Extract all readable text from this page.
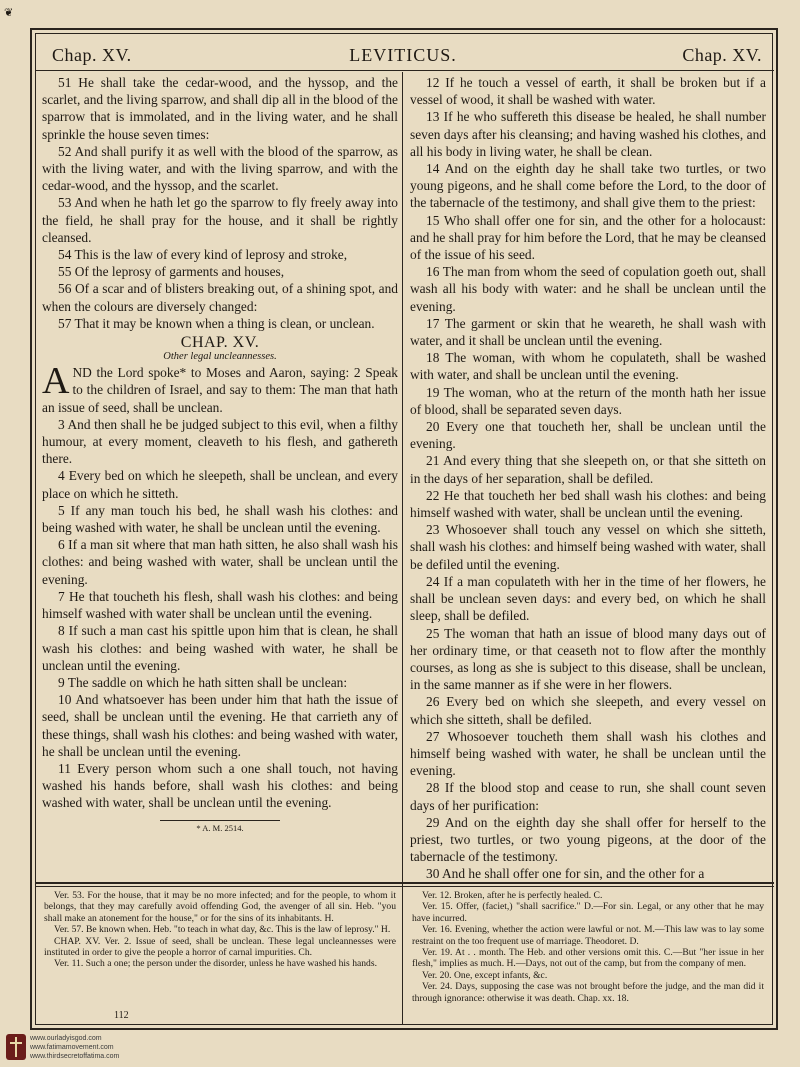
❦
Chap. XV.	LEVITICUS.	Chap. XV.

51 He shall take the cedar-wood, and the hyssop, and the scarlet, and the living sparrow, and shall dip all in the blood of the sparrow that is immolated, and in the living water, and he shall sprinkle the house seven times:

52 And shall purify it as well with the blood of the sparrow, as with the living water, and with the living sparrow, and with the cedar-wood, and the hyssop, and the scarlet.

53 And when he hath let go the sparrow to fly freely away into the field, he shall pray for the house, and it shall be rightly cleansed.

54 This is the law of every kind of leprosy and stroke,

55 Of the leprosy of garments and houses,

56 Of a scar and of blisters breaking out, of a shining spot, and when the colours are diversely changed:

57 That it may be known when a thing is clean, or unclean.

CHAP. XV.
Other legal uncleannesses.

AND the Lord spoke* to Moses and Aaron, saying: 2 Speak to the children of Israel, and say to them: The man that hath an issue of seed, shall be unclean.

3 And then shall he be judged subject to this evil, when a filthy humour, at every moment, cleaveth to his flesh, and gathereth there.

4 Every bed on which he sleepeth, shall be unclean, and every place on which he sitteth.

5 If any man touch his bed, he shall wash his clothes: and being washed with water, he shall be unclean until the evening.

6 If a man sit where that man hath sitten, he also shall wash his clothes: and being washed with water, shall be unclean until the evening.

7 He that toucheth his flesh, shall wash his clothes: and being himself washed with water shall be unclean until the evening.

8 If such a man cast his spittle upon him that is clean, he shall wash his clothes: and being washed with water, he shall be unclean until the evening.

9 The saddle on which he hath sitten shall be unclean:

10 And whatsoever has been under him that hath the issue of seed, shall be unclean until the evening. He that carrieth any of these things, shall wash his clothes: and being washed with water, he shall be unclean until the evening.

11 Every person whom such a one shall touch, not having washed his hands before, shall wash his clothes: and being washed with water, shall be unclean until the evening.

* A. M. 2514.

12 If he touch a vessel of earth, it shall be broken but if a vessel of wood, it shall be washed with water.

13 If he who suffereth this disease be healed, he shall number seven days after his cleansing; and having washed his clothes, and all his body in living water, he shall be clean.

14 And on the eighth day he shall take two turtles, or two young pigeons, and he shall come before the Lord, to the door of the tabernacle of the testimony, and shall give them to the priest:

15 Who shall offer one for sin, and the other for a holocaust: and he shall pray for him before the Lord, that he may be cleansed of the issue of his seed.

16 The man from whom the seed of copulation goeth out, shall wash all his body with water: and he shall be unclean until the evening.

17 The garment or skin that he weareth, he shall wash with water, and it shall be unclean until the evening.

18 The woman, with whom he copulateth, shall be washed with water, and shall be unclean until the evening.

19 The woman, who at the return of the month hath her issue of blood, shall be separated seven days.

20 Every one that toucheth her, shall be unclean until the evening.

21 And every thing that she sleepeth on, or that she sitteth on in the days of her separation, shall be defiled.

22 He that toucheth her bed shall wash his clothes: and being himself washed with water, shall be unclean until the evening.

23 Whosoever shall touch any vessel on which she sitteth, shall wash his clothes: and himself being washed with water, shall be defiled until the evening.

24 If a man copulateth with her in the time of her flowers, he shall be unclean seven days: and every bed, on which he shall sleep, shall be defiled.

25 The woman that hath an issue of blood many days out of her ordinary time, or that ceaseth not to flow after the monthly courses, as long as she is subject to this disease, shall be unclean, in the same manner as if she were in her flowers.

26 Every bed on which she sleepeth, and every vessel on which she sitteth, shall be defiled.

27 Whosoever toucheth them shall wash his clothes and himself being washed with water, he shall be unclean until the evening.

28 If the blood stop and cease to run, she shall count seven days of her purification:

29 And on the eighth day she shall offer for herself to the priest, two turtles, or two young pigeons, at the door of the tabernacle of the testimony.

30 And he shall offer one for sin, and the other for a

Ver. 53. For the house, that it may be no more infected; and for the people, to whom it belongs, that they may carefully avoid offending God, the avenger of all sin. Heb. "you shall make an atonement for the house," or for the sins of its inhabitants. H.

Ver. 57. Be known when. Heb. "to teach in what day, &c. This is the law of leprosy." H.

CHAP. XV. Ver. 2. Issue of seed, shall be unclean. These legal uncleannesses were instituted in order to give the people a horror of carnal impurities. Ch.

Ver. 11. Such a one; the person under the disorder, unless he have washed his hands.

Ver. 12. Broken, after he is perfectly healed. C.

Ver. 15. Offer, (faciet,) "shall sacrifice." D.—For sin. Legal, or any other that he may have incurred.

Ver. 16. Evening, whether the action were lawful or not. M.—This law was to lay some restraint on the too frequent use of marriage. Theodoret. D.

Ver. 19. At . . month. The Heb. and other versions omit this. C.—But "her issue in her flesh," implies as much. H.—Days, not out of the camp, but from the company of men.

Ver. 20. One, except infants, &c.

Ver. 24. Days, supposing the case was not brought before the judge, and the man did it through ignorance: otherwise it was death. Chap. xx. 18.

112
www.ourladyisgod.com
www.fatimamovement.com
www.thirdsecretoffatima.com
